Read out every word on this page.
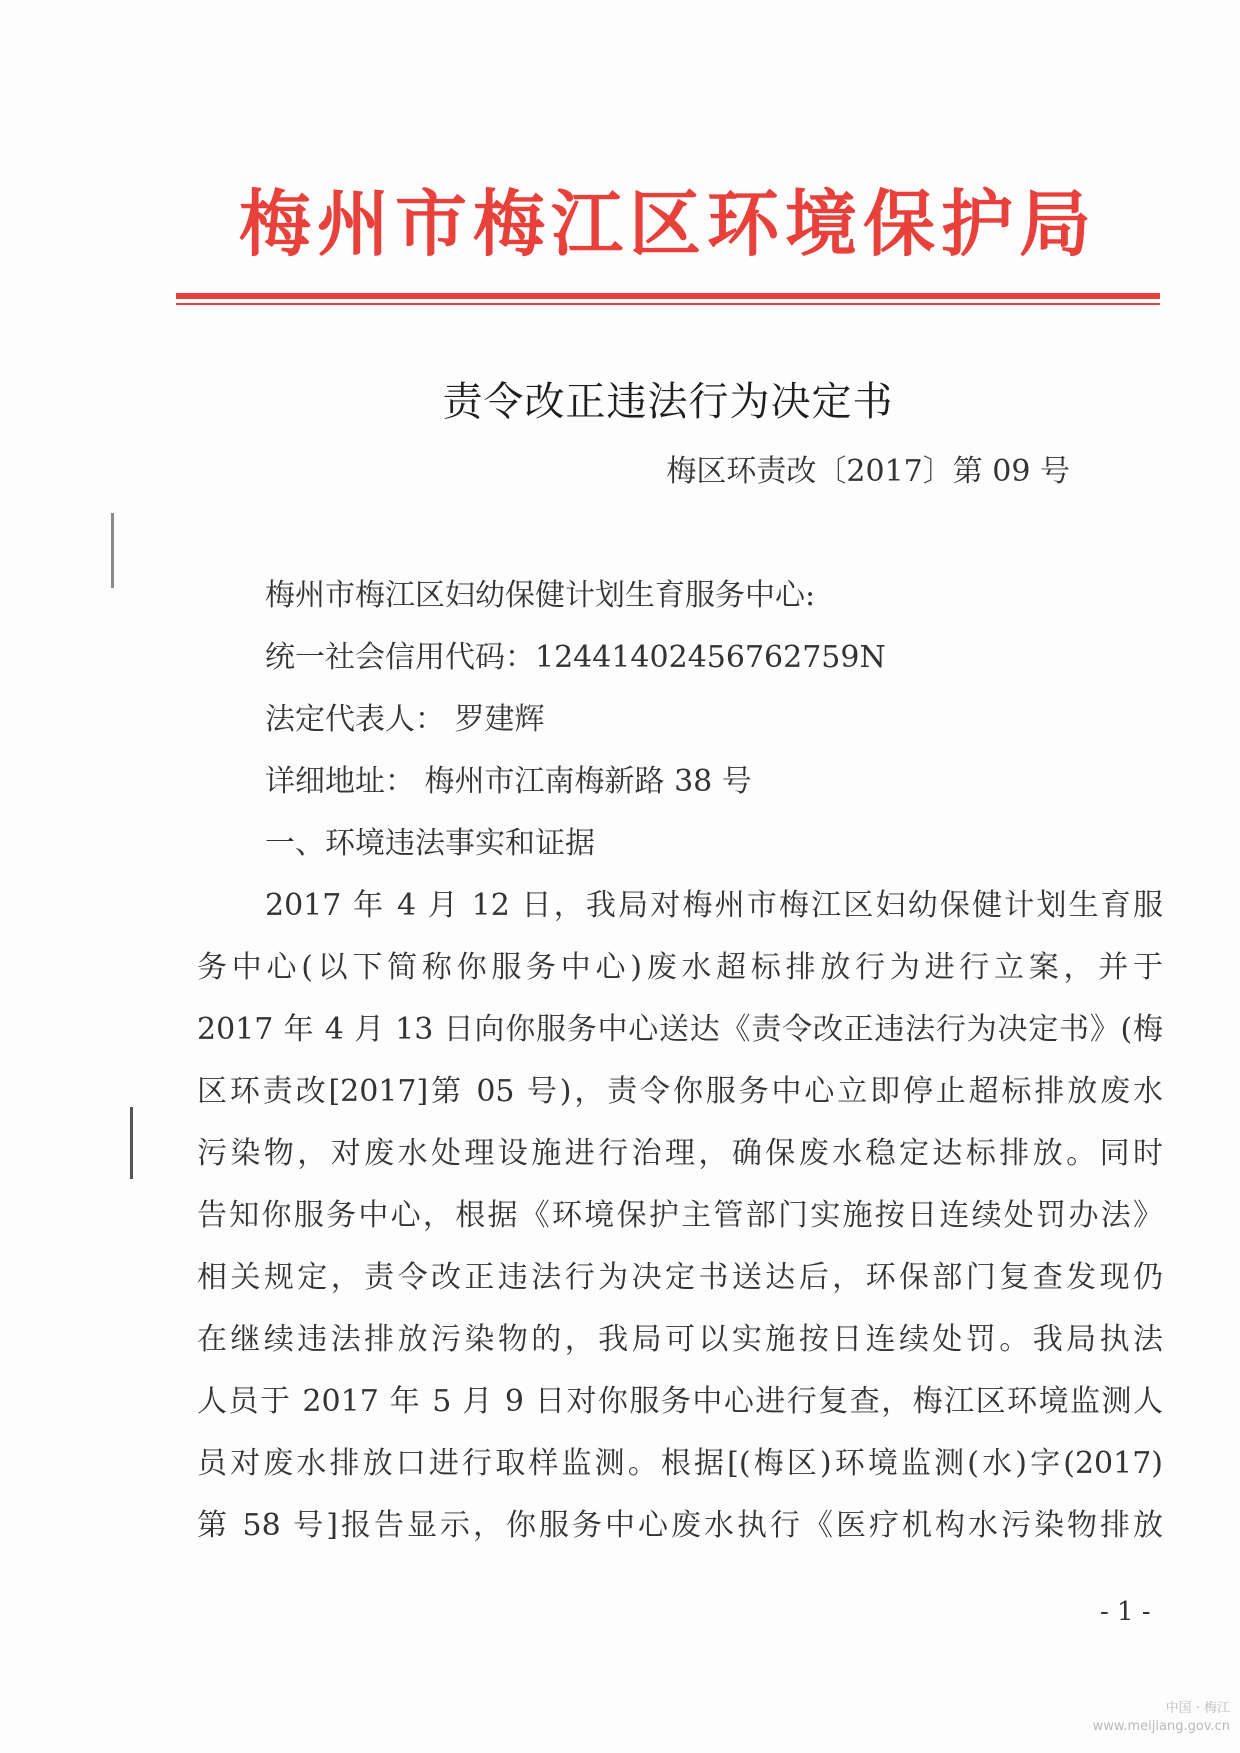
梅州市梅江区环境保护局
责令改正违法行为决定书
梅区环责改〔2017〕第 09 号
梅州市梅江区妇幼保健计划生育服务中心:
统一社会信用代码：12441402456762759N
法定代表人： 罗建辉
详细地址： 梅州市江南梅新路 38 号
一、环境违法事实和证据
2017 年 4 月 12 日，我局对梅州市梅江区妇幼保健计划生育服
务中心(以下简称你服务中心)废水超标排放行为进行立案，并于
2017 年 4 月 13 日向你服务中心送达《责令改正违法行为决定书》(梅
区环责改[2017]第 05 号)，责令你服务中心立即停止超标排放废水
污染物，对废水处理设施进行治理，确保废水稳定达标排放。同时
告知你服务中心，根据《环境保护主管部门实施按日连续处罚办法》
相关规定，责令改正违法行为决定书送达后，环保部门复查发现仍
在继续违法排放污染物的，我局可以实施按日连续处罚。我局执法
人员于 2017 年 5 月 9 日对你服务中心进行复查，梅江区环境监测人
员对废水排放口进行取样监测。根据[(梅区)环境监测(水)字(2017)
第 58 号]报告显示，你服务中心废水执行《医疗机构水污染物排放
- 1 -
中国 · 梅江
www.meijiang.gov.cn
